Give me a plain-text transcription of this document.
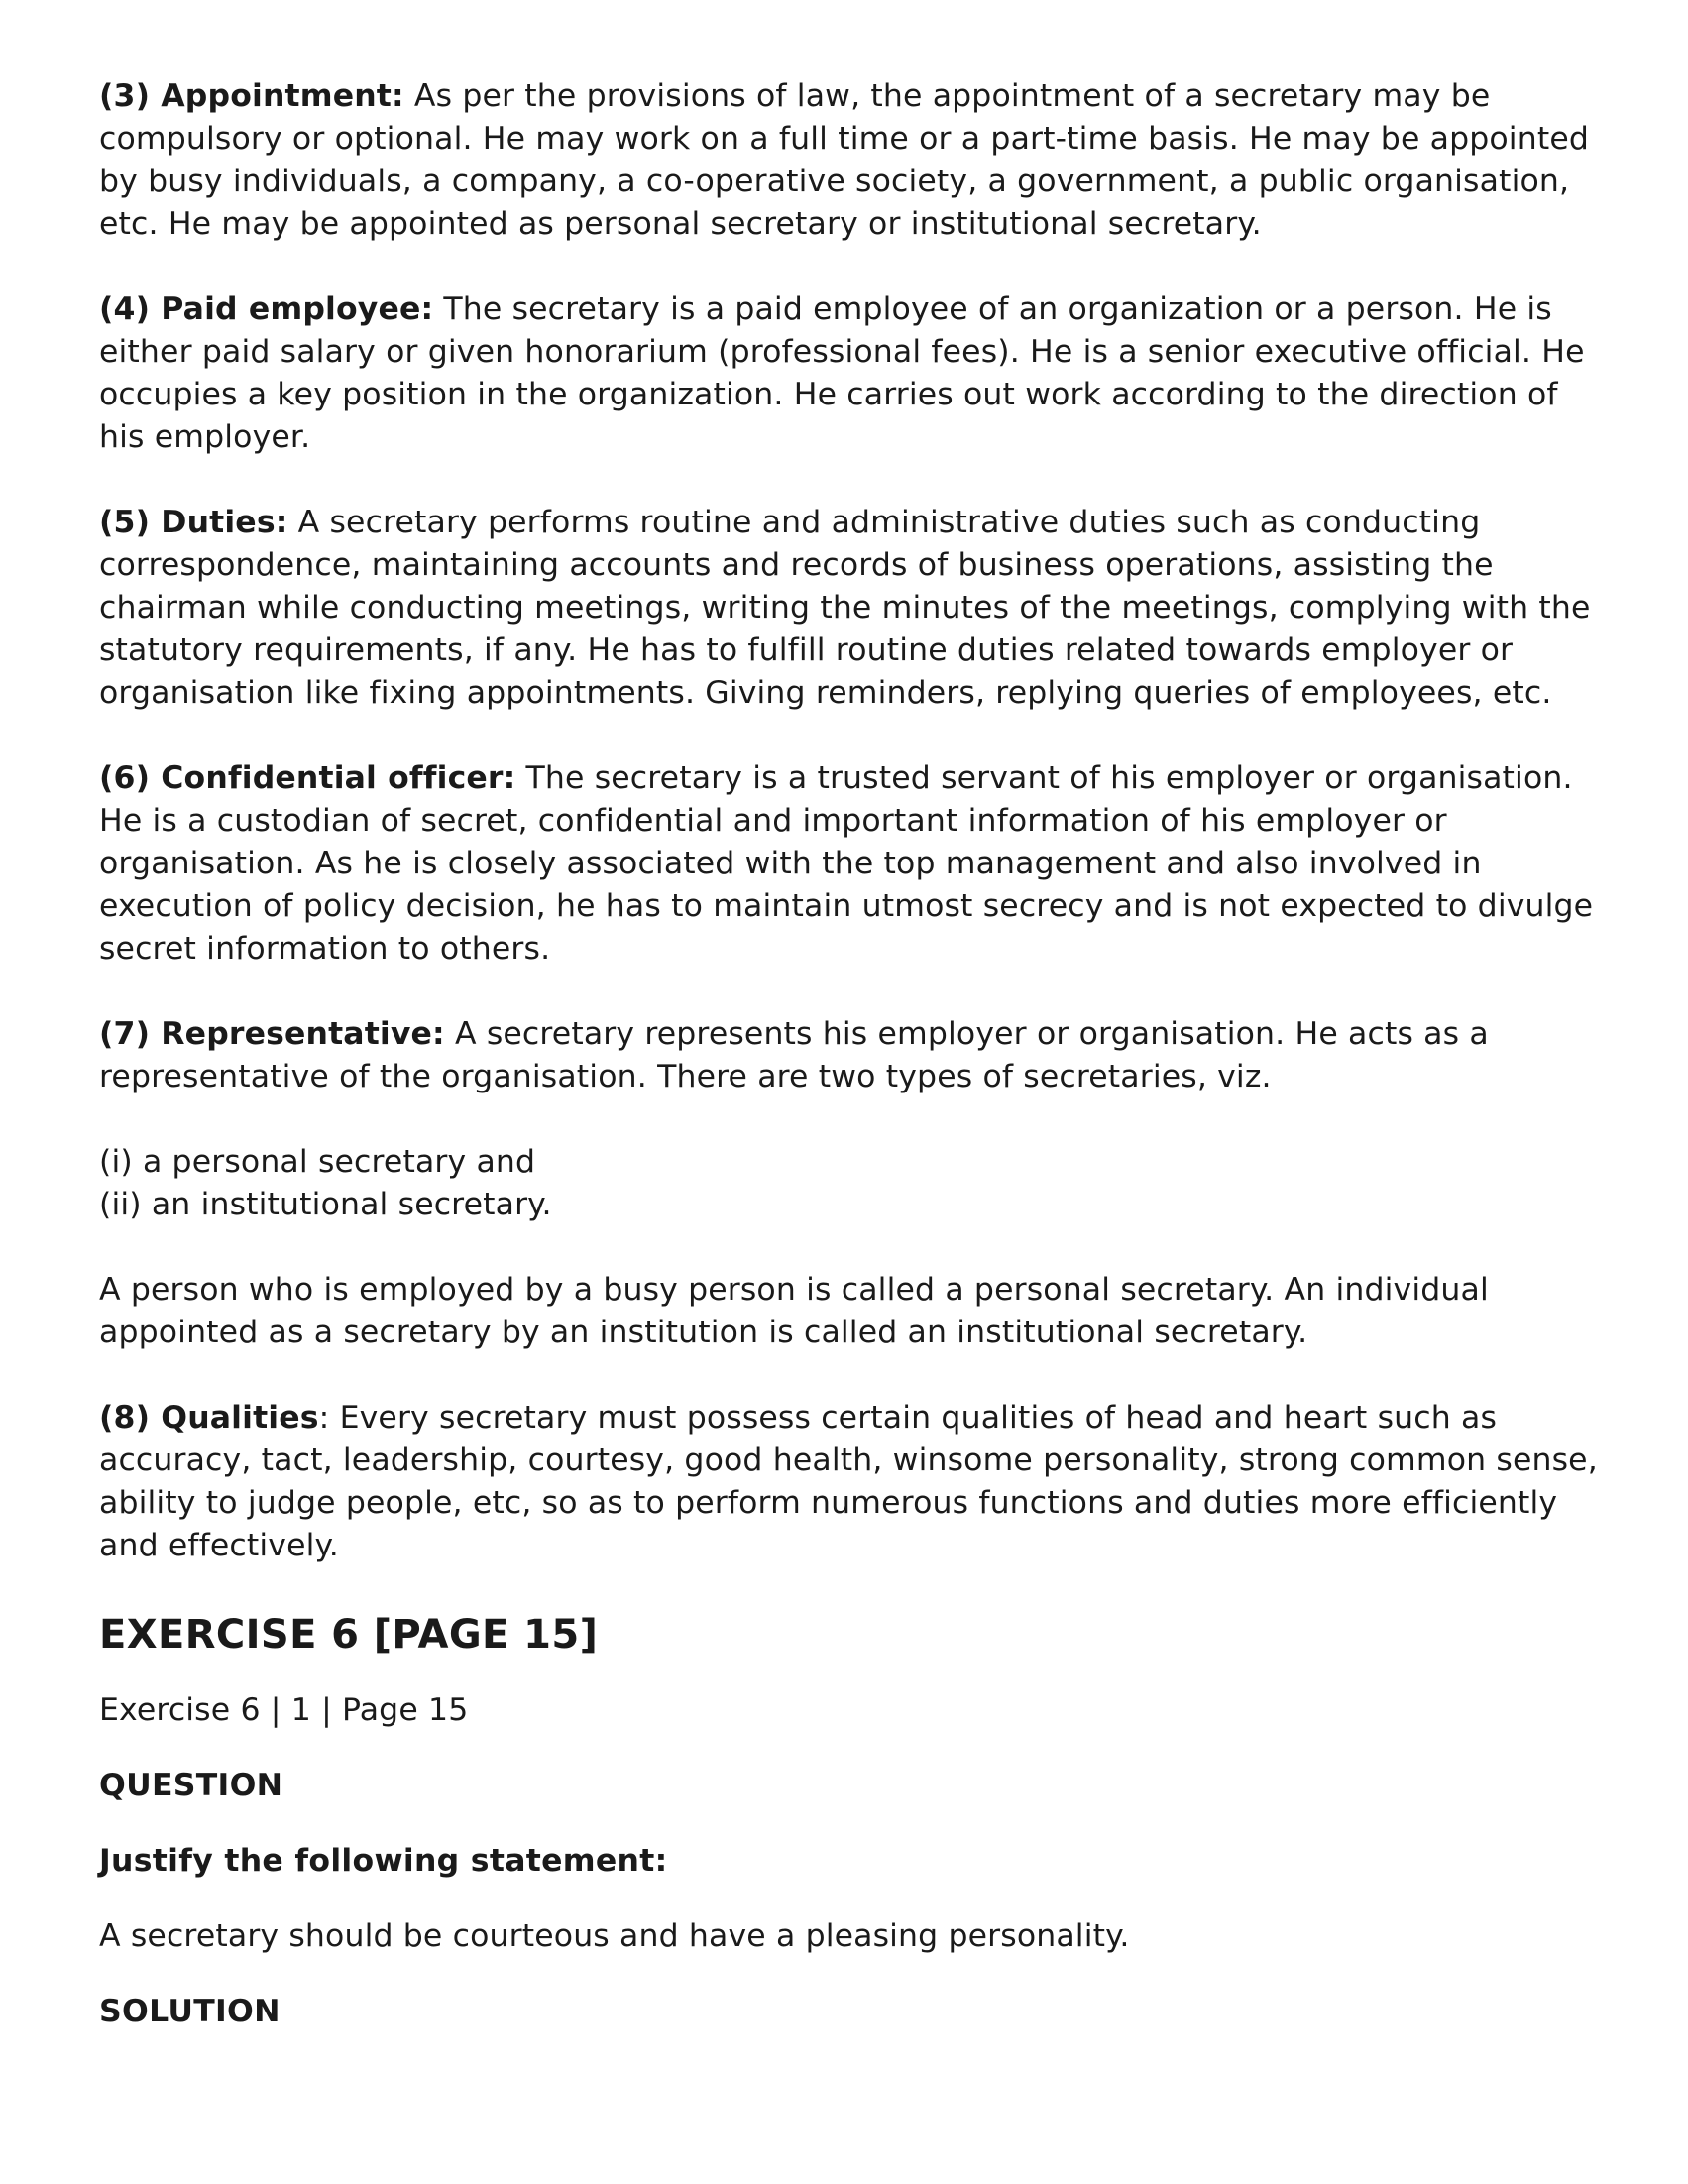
(3) Appointment: As per the provisions of law, the appointment of a secretary may be compulsory or optional. He may work on a full time or a part-time basis. He may be appointed by busy individuals, a company, a co-operative society, a government, a public organisation, etc. He may be appointed as personal secretary or institutional secretary.

(4) Paid employee: The secretary is a paid employee of an organization or a person. He is either paid salary or given honorarium (professional fees). He is a senior executive official. He occupies a key position in the organization. He carries out work according to the direction of his employer.

(5) Duties: A secretary performs routine and administrative duties such as conducting correspondence, maintaining accounts and records of business operations, assisting the chairman while conducting meetings, writing the minutes of the meetings, complying with the statutory requirements, if any. He has to fulfill routine duties related towards employer or organisation like fixing appointments. Giving reminders, replying queries of employees, etc.

(6) Confidential officer: The secretary is a trusted servant of his employer or organisation. He is a custodian of secret, confidential and important information of his employer or organisation. As he is closely associated with the top management and also involved in execution of policy decision, he has to maintain utmost secrecy and is not expected to divulge secret information to others.

(7) Representative: A secretary represents his employer or organisation. He acts as a representative of the organisation. There are two types of secretaries, viz.

(i) a personal secretary and
(ii) an institutional secretary.

A person who is employed by a busy person is called a personal secretary. An individual appointed as a secretary by an institution is called an institutional secretary.

(8) Qualities: Every secretary must possess certain qualities of head and heart such as accuracy, tact, leadership, courtesy, good health, winsome personality, strong common sense, ability to judge people, etc, so as to perform numerous functions and duties more efficiently and effectively.

EXERCISE 6 [PAGE 15]
Exercise 6 | 1 | Page 15
QUESTION
Justify the following statement:
A secretary should be courteous and have a pleasing personality.
SOLUTION
